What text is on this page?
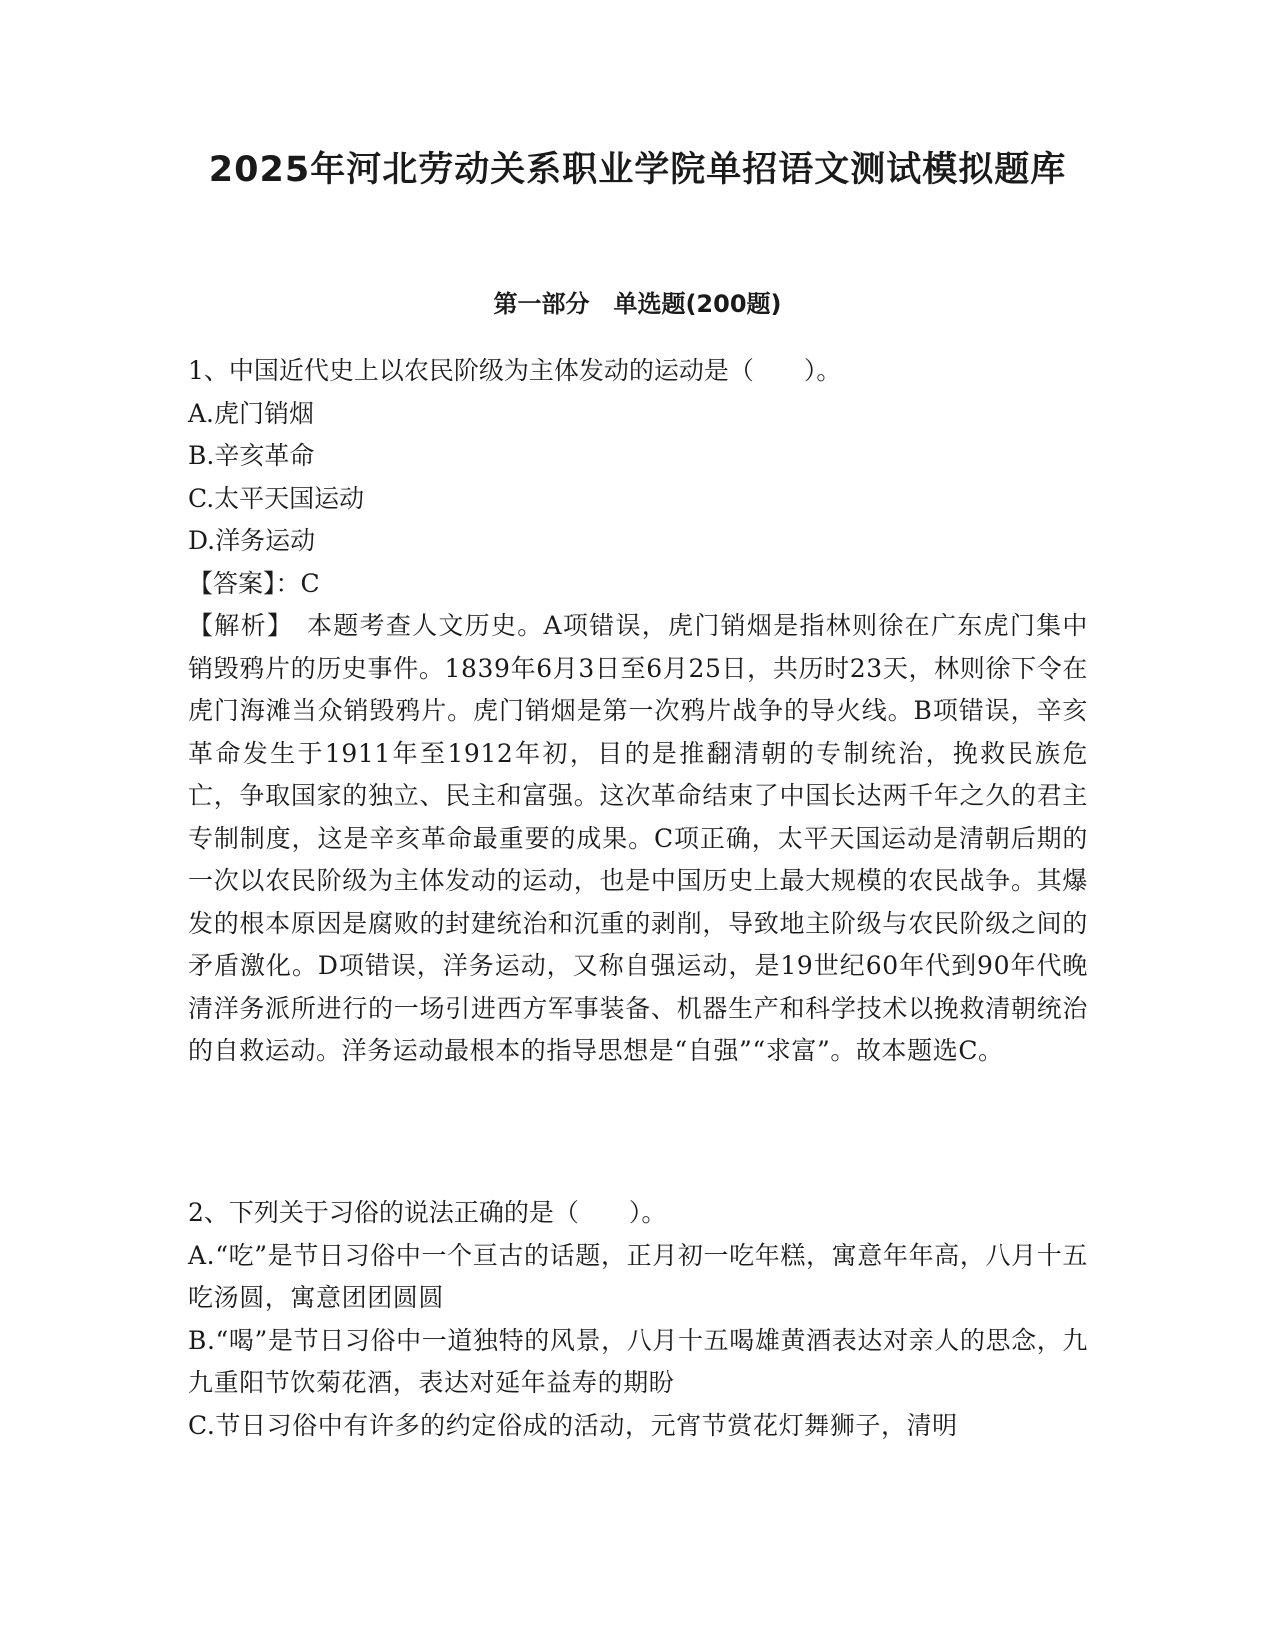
2025年河北劳动关系职业学院单招语文测试模拟题库
第一部分　单选题(200题)
1、中国近代史上以农民阶级为主体发动的运动是（　　）。
A.虎门销烟
B.辛亥革命
C.太平天国运动
D.洋务运动
【答案】：C
【解析】　本题考查人文历史。A项错误，虎门销烟是指林则徐在广东虎门集中销毁鸦片的历史事件。1839年6月3日至6月25日，共历时23天，林则徐下令在虎门海滩当众销毁鸦片。虎门销烟是第一次鸦片战争的导火线。B项错误，辛亥革命发生于1911年至1912年初，目的是推翻清朝的专制统治，挽救民族危亡，争取国家的独立、民主和富强。这次革命结束了中国长达两千年之久的君主专制制度，这是辛亥革命最重要的成果。C项正确，太平天国运动是清朝后期的一次以农民阶级为主体发动的运动，也是中国历史上最大规模的农民战争。其爆发的根本原因是腐败的封建统治和沉重的剥削，导致地主阶级与农民阶级之间的矛盾激化。D项错误，洋务运动，又称自强运动，是19世纪60年代到90年代晚清洋务派所进行的一场引进西方军事装备、机器生产和科学技术以挽救清朝统治的自救运动。洋务运动最根本的指导思想是“自强”“求富”。故本题选C。
2、下列关于习俗的说法正确的是（　　）。
A.“吃”是节日习俗中一个亘古的话题，正月初一吃年糕，寓意年年高，八月十五吃汤圆，寓意团团圆圆
B.“喝”是节日习俗中一道独特的风景，八月十五喝雄黄酒表达对亲人的思念，九九重阳节饮菊花酒，表达对延年益寿的期盼
C.节日习俗中有许多的约定俗成的活动，元宵节赏花灯舞狮子，清明
